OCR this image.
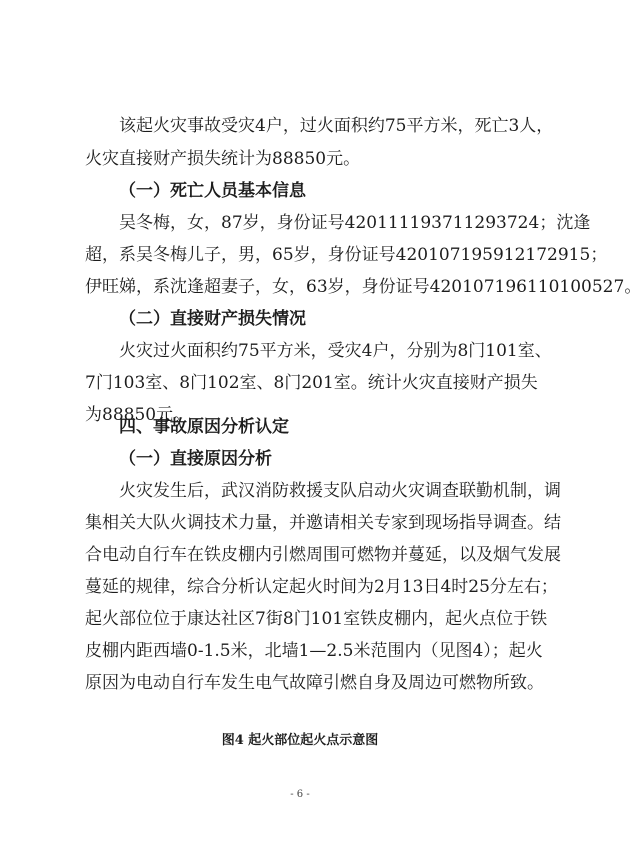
该起火灾事故受灾4户，过火面积约75平方米，死亡3人，
火灾直接财产损失统计为88850元。
（一）死亡人员基本信息
吴冬梅，女，87岁，身份证号420111193711293724；沈逢
超，系吴冬梅儿子，男，65岁，身份证号420107195912172915；
伊旺娣，系沈逢超妻子，女，63岁，身份证号420107196110100527。
（二）直接财产损失情况
火灾过火面积约75平方米，受灾4户，分别为8门101室、
7门103室、8门102室、8门201室。统计火灾直接财产损失
为88850元。
四、事故原因分析认定
（一）直接原因分析
火灾发生后，武汉消防救援支队启动火灾调查联勤机制，调
集相关大队火调技术力量，并邀请相关专家到现场指导调查。结
合电动自行车在铁皮棚内引燃周围可燃物并蔓延，以及烟气发展
蔓延的规律，综合分析认定起火时间为2月13日4时25分左右；
起火部位位于康达社区7街8门101室铁皮棚内，起火点位于铁
皮棚内距西墙0-1.5米，北墙1—2.5米范围内（见图4）；起火
原因为电动自行车发生电气故障引燃自身及周边可燃物所致。
图4 起火部位起火点示意图
- 6 -
